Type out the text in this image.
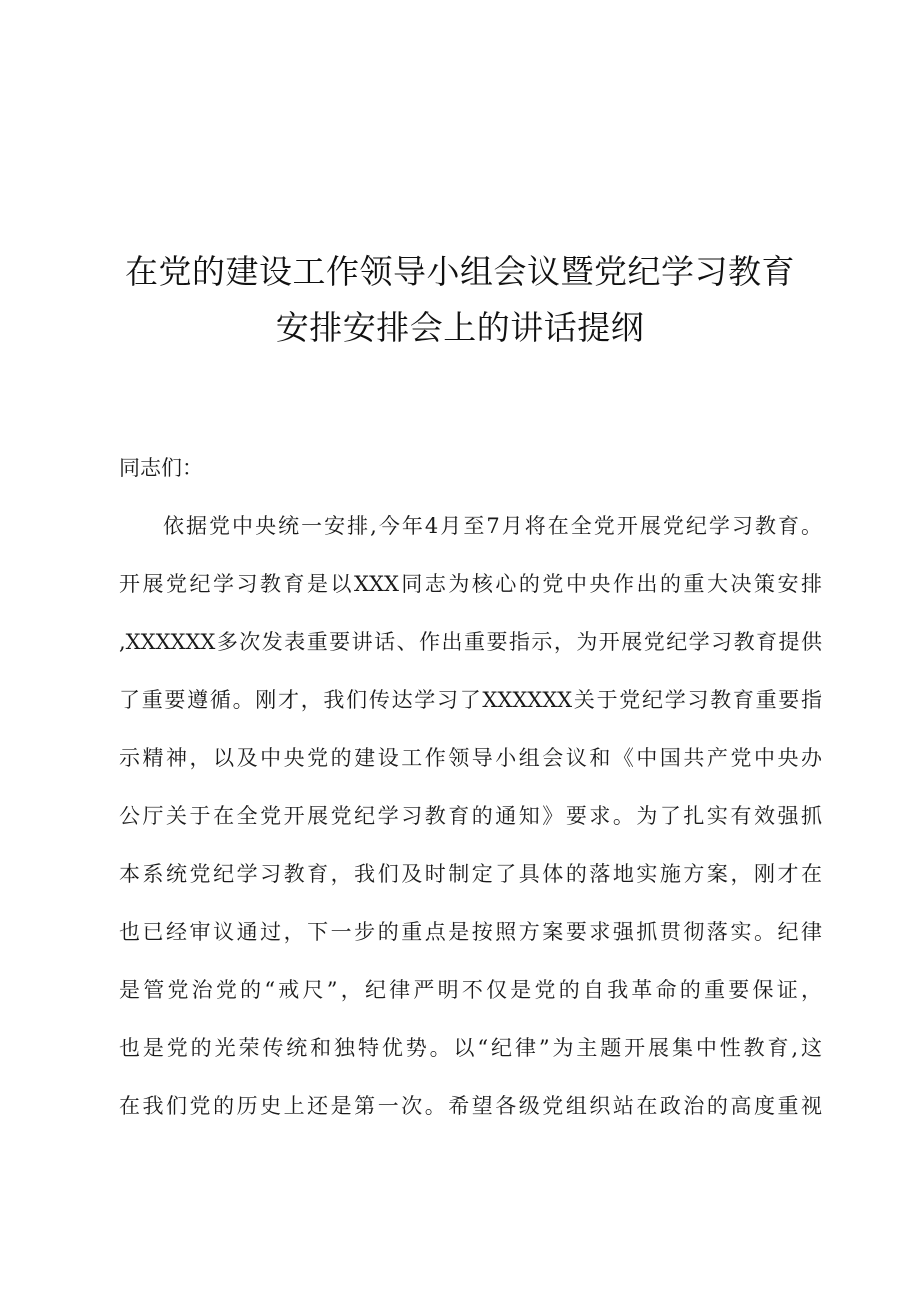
在党的建设工作领导小组会议暨党纪学习教育
安排安排会上的讲话提纲
同志们：
依据党中央统一安排,今年4月至7月将在全党开展党纪学习教育。
开展党纪学习教育是以XXX同志为核心的党中央作出的重大决策安排
,XXXXXX多次发表重要讲话、作出重要指示，为开展党纪学习教育提供
了重要遵循。刚才，我们传达学习了XXXXXX关于党纪学习教育重要指
示精神，以及中央党的建设工作领导小组会议和《中国共产党中央办
公厅关于在全党开展党纪学习教育的通知》要求。为了扎实有效强抓
本系统党纪学习教育，我们及时制定了具体的落地实施方案，刚才在
也已经审议通过，下一步的重点是按照方案要求强抓贯彻落实。纪律
是管党治党的“戒尺”，纪律严明不仅是党的自我革命的重要保证，
也是党的光荣传统和独特优势。以“纪律”为主题开展集中性教育,这
在我们党的历史上还是第一次。希望各级党组织站在政治的高度重视
